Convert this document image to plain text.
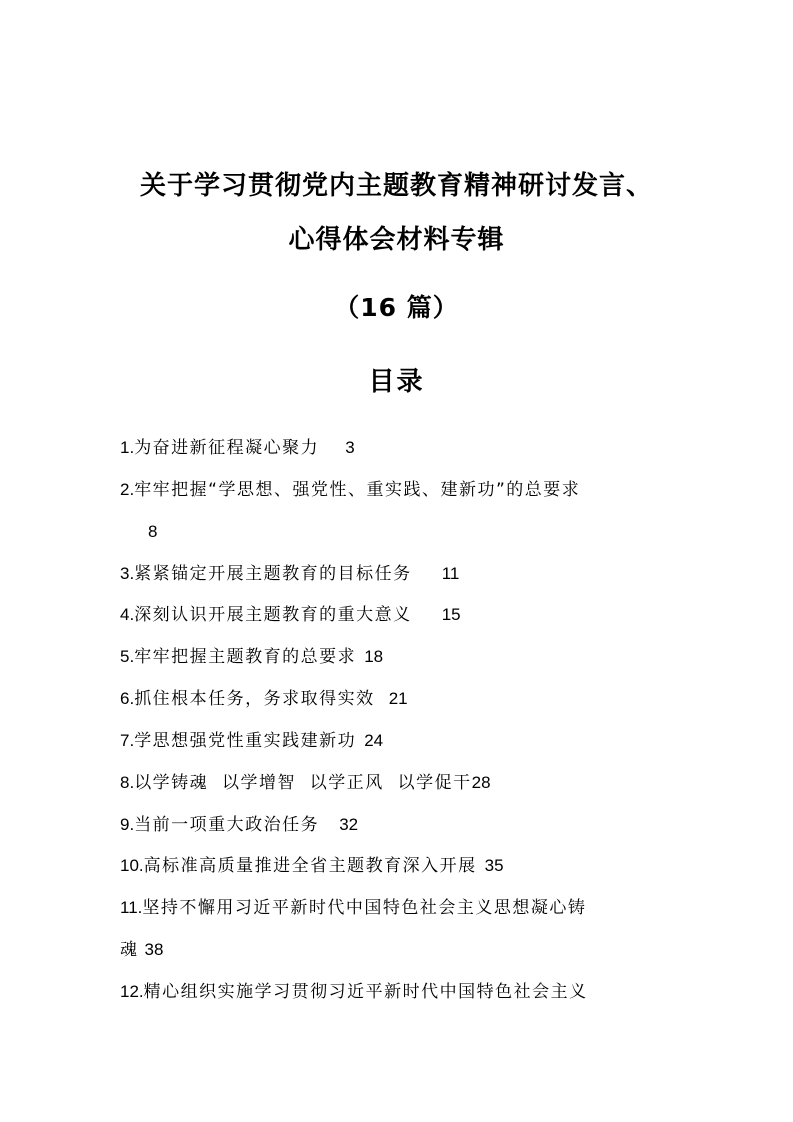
关于学习贯彻党内主题教育精神研讨发言、
心得体会材料专辑
（16 篇）
目录
1.为奋进新征程凝心聚力 3
2.牢牢把握“学思想、强党性、重实践、建新功”的总要求
8
3.紧紧锚定开展主题教育的目标任务 11
4.深刻认识开展主题教育的重大意义 15
5.牢牢把握主题教育的总要求 18
6.抓住根本任务，务求取得实效 21
7.学思想强党性重实践建新功 24
8.以学铸魂  以学增智  以学正风  以学促干28
9.当前一项重大政治任务 32
10.高标准高质量推进全省主题教育深入开展 35
11.坚持不懈用习近平新时代中国特色社会主义思想凝心铸
魂 38
12.精心组织实施学习贯彻习近平新时代中国特色社会主义
